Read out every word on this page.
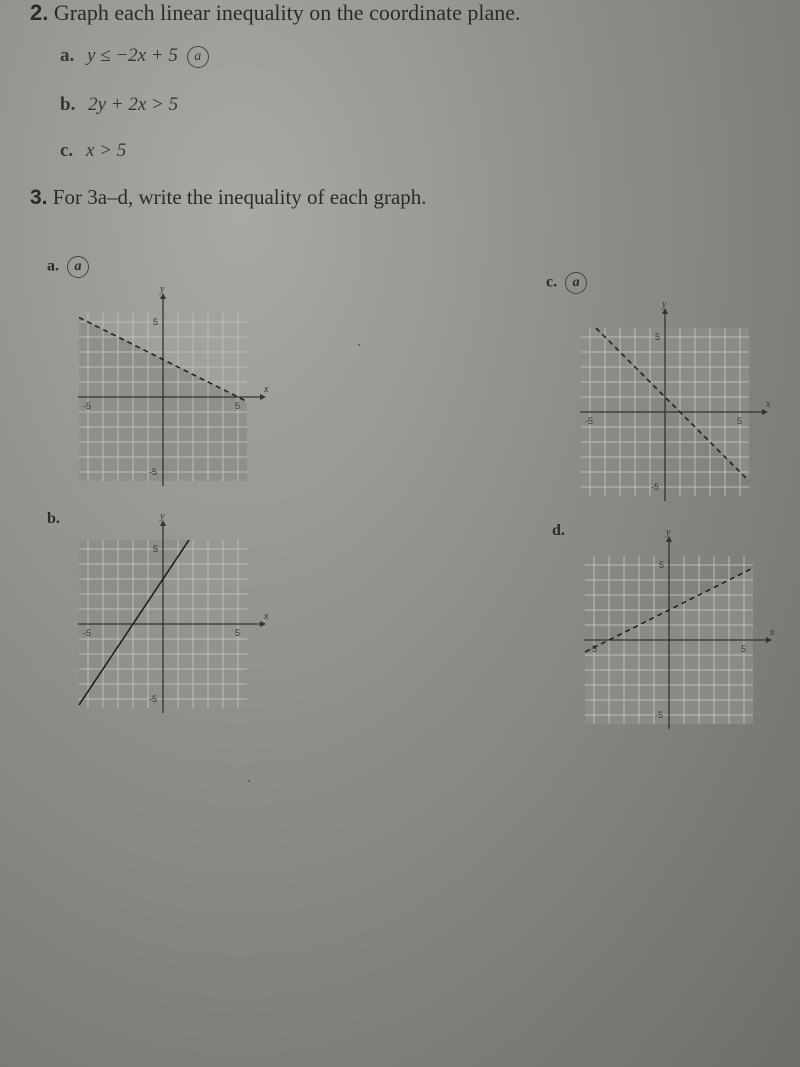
2. Graph each linear inequality on the coordinate plane.
a. y ≤ −2x + 5 a
b. 2y + 2x > 5
c. x > 5
3. For 3a–d, write the inequality of each graph.
a. a
c. a
b.
d.
x
y
5
-5
5
-5
x
y
5
-5
5
-5
x
y
5
-5
5
-5
x
y
5
-5
5
-5
